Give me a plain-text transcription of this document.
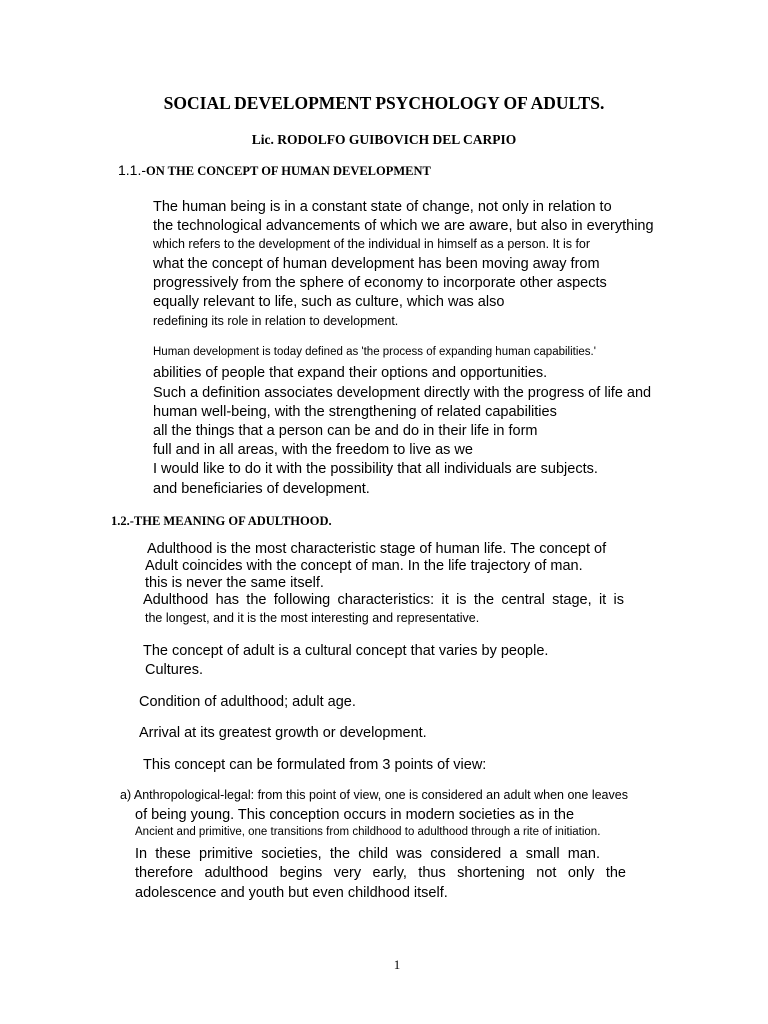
SOCIAL DEVELOPMENT PSYCHOLOGY OF ADULTS.
Lic. RODOLFO GUIBOVICH DEL CARPIO
1.1.-ON THE CONCEPT OF HUMAN DEVELOPMENT

The human being is in a constant state of change, not only in relation to

the technological advancements of which we are aware, but also in everything

which refers to the development of the individual in himself as a person. It is for

what the concept of human development has been moving away from

progressively from the sphere of economy to incorporate other aspects

equally relevant to life, such as culture, which was also

redefining its role in relation to development.

Human development is today defined as 'the process of expanding human capabilities.'

abilities of people that expand their options and opportunities.

Such a definition associates development directly with the progress of life and

human well-being, with the strengthening of related capabilities

all the things that a person can be and do in their life in form

full and in all areas, with the freedom to live as we

I would like to do it with the possibility that all individuals are subjects.

and beneficiaries of development.

1.2.-THE MEANING OF ADULTHOOD.

Adulthood is the most characteristic stage of human life. The concept of

Adult coincides with the concept of man. In the life trajectory of man.

this is never the same itself.

Adulthood has the following characteristics: it is the central stage, it is

the longest, and it is the most interesting and representative.

The concept of adult is a cultural concept that varies by people.

Cultures.

Condition of adulthood; adult age.

Arrival at its greatest growth or development.

This concept can be formulated from 3 points of view:

a) Anthropological-legal: from this point of view, one is considered an adult when one leaves

of being young. This conception occurs in modern societies as in the

Ancient and primitive, one transitions from childhood to adulthood through a rite of initiation.

In these primitive societies, the child was considered a small man.

therefore adulthood begins very early, thus shortening not only the

adolescence and youth but even childhood itself.

1
